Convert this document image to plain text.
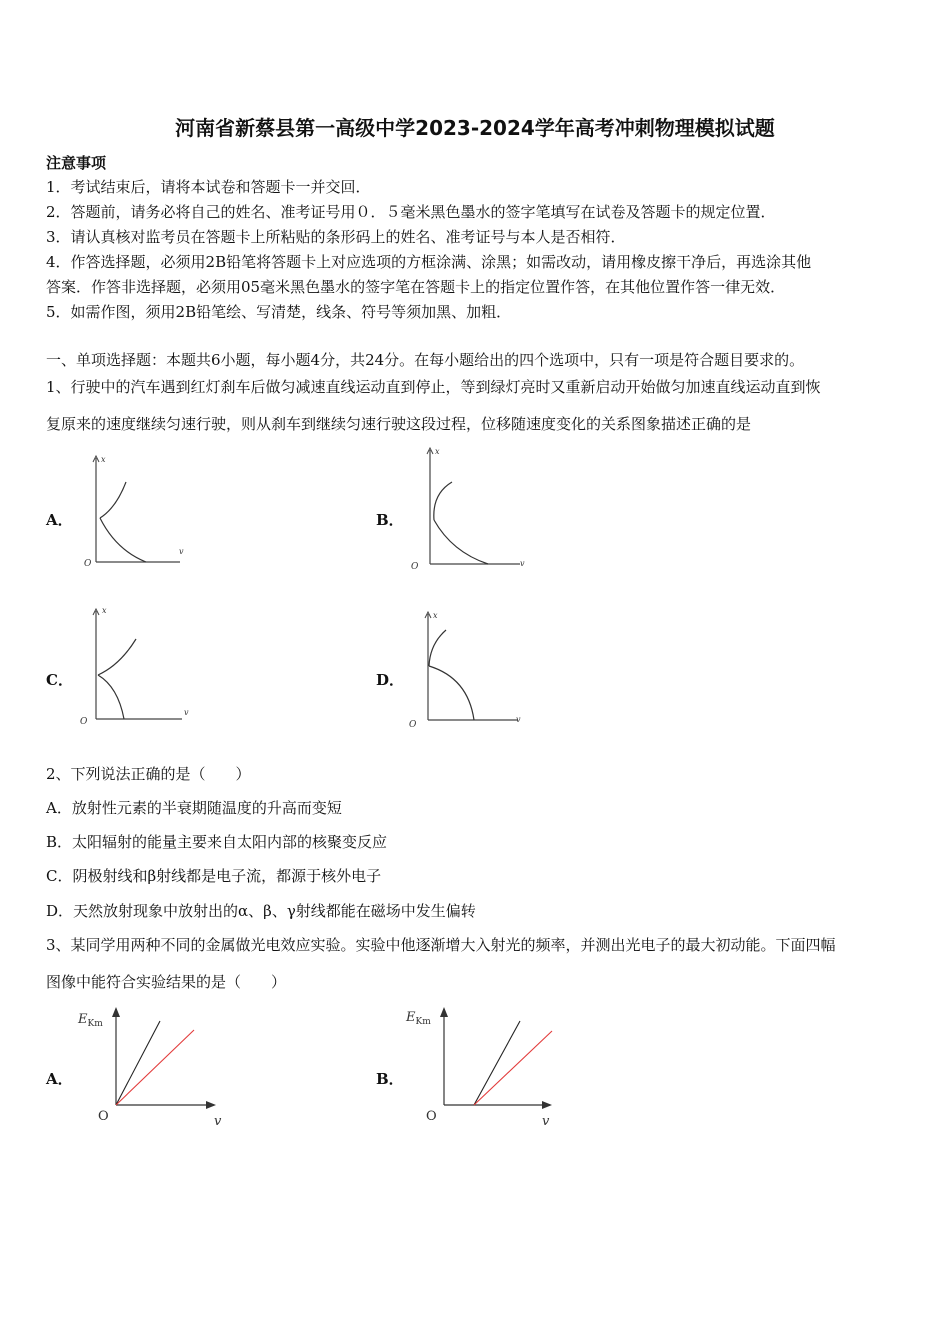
河南省新蔡县第一高级中学2023-2024学年高考冲刺物理模拟试题
注意事项
1．考试结束后，请将本试卷和答题卡一并交回．
2．答题前，请务必将自己的姓名、准考证号用０．５毫米黑色墨水的签字笔填写在试卷及答题卡的规定位置．
3．请认真核对监考员在答题卡上所粘贴的条形码上的姓名、准考证号与本人是否相符．
4．作答选择题，必须用2B铅笔将答题卡上对应选项的方框涂满、涂黑；如需改动，请用橡皮擦干净后，再选涂其他
答案．作答非选择题，必须用05毫米黑色墨水的签字笔在答题卡上的指定位置作答，在其他位置作答一律无效．
5．如需作图，须用2B铅笔绘、写清楚，线条、符号等须加黑、加粗．
一、单项选择题：本题共6小题，每小题4分，共24分。在每小题给出的四个选项中，只有一项是符合题目要求的。
1、行驶中的汽车遇到红灯刹车后做匀减速直线运动直到停止，等到绿灯亮时又重新启动开始做匀加速直线运动直到恢
复原来的速度继续匀速行驶，则从刹车到继续匀速行驶这段过程，位移随速度变化的关系图象描述正确的是
A．	B．
C．	D．
x
v
O
x
v
O
x
v
O
x
v
O
2、下列说法正确的是（　　）
A．放射性元素的半衰期随温度的升高而变短
B．太阳辐射的能量主要来自太阳内部的核聚变反应
C．阴极射线和β射线都是电子流，都源于核外电子
D．天然放射现象中放射出的α、β、γ射线都能在磁场中发生偏转
3、某同学用两种不同的金属做光电效应实验。实验中他逐渐增大入射光的频率，并测出光电子的最大初动能。下面四幅
图像中能符合实验结果的是（　　）
A．	B．
$E_{Km}$
O	v
$E_{Km}$
O	v
